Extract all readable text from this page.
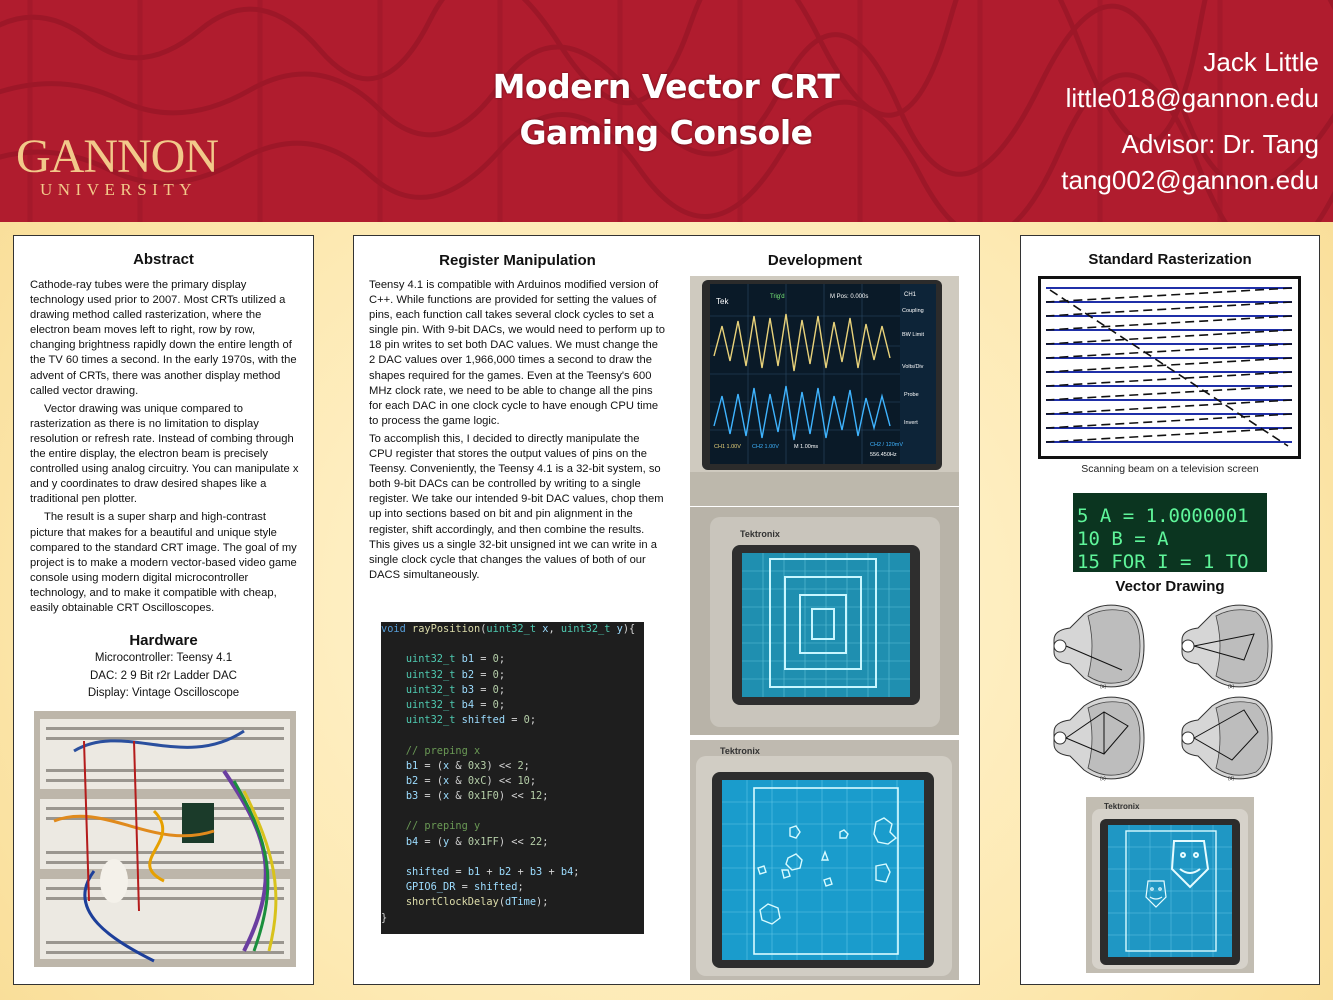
GANNON
UNIVERSITY
Modern Vector CRT
Gaming Console
Jack Little
little018@gannon.edu
Advisor: Dr. Tang
tang002@gannon.edu
Abstract

Cathode-ray tubes were the primary display technology used prior to 2007. Most CRTs utilized a drawing method called rasterization, where the electron beam moves left to right, row by row, changing brightness rapidly down the entire length of the TV 60 times a second. In the early 1970s, with the advent of CRTs, there was another display method called vector drawing.

Vector drawing was unique compared to rasterization as there is no limitation to display resolution or refresh rate. Instead of combing through the entire display, the electron beam is precisely controlled using analog circuitry. You can manipulate x and y coordinates to draw desired shapes like a traditional pen plotter.

The result is a super sharp and high-contrast picture that makes for a beautiful and unique style compared to the standard CRT image. The goal of my project is to make a modern vector-based video game console using modern digital microcontroller technology, and to make it compatible with cheap, easily obtainable CRT Oscilloscopes.

Hardware
Microcontroller: Teensy 4.1
DAC: 2 9 Bit r2r Ladder DAC
Display: Vintage Oscilloscope
Register Manipulation

Teensy 4.1 is compatible with Arduinos modified version of C++. While functions are provided for setting the values of pins, each function call takes several clock cycles to set a single pin. With 9-bit DACs, we would need to perform up to 18 pin writes to set both DAC values. We must change the 2 DAC values over 1,966,000 times a second to draw the shapes required for the games. Even at the Teensy's 600 MHz clock rate, we need to be able to change all the pins for each DAC in one clock cycle to have enough CPU time to process the game logic.

To accomplish this, I decided to directly manipulate the CPU register that stores the output values of pins on the Teensy. Conveniently, the Teensy 4.1 is a 32-bit system, so both 9-bit DACs can be controlled by writing to a single register. We take our intended 9-bit DAC values, chop them up into sections based on bit and pin alignment in the register, shift accordingly, and then combine the results. This gives us a single 32-bit unsigned int we can write in a single clock cycle that changes the values of both of our DACS simultaneously.

void rayPosition(uint32_t x, uint32_t y){

uint32_t b1 = 0;
uint32_t b2 = 0;
uint32_t b3 = 0;
uint32_t b4 = 0;
uint32_t shifted = 0;

// preping x
b1 = (x & 0x3) << 2;
b2 = (x & 0xC) << 10;
b3 = (x & 0x1F0) << 12;

// preping y
b4 = (y & 0x1FF) << 22;

shifted = b1 + b2 + b3 + b4;
GPIO6_DR = shifted;
shortClockDelay(dTime);
}
Development
Tek	Trig'd	M Pos: 0.000s	CH1
Coupling
BW Limit
Volts/Div
Probe
Invert
CH1 1.00V CH2 1.00V	M 1.00ms	CH2 / 120mV
556.450Hz
Tektronix
Tektronix
Standard Rasterization
Scanning beam on a television screen
5 A = 1.0000001
10 B = A
15 FOR I = 1 TO
Vector Drawing
(a)	(b)
(c)	(d)
Tektronix
